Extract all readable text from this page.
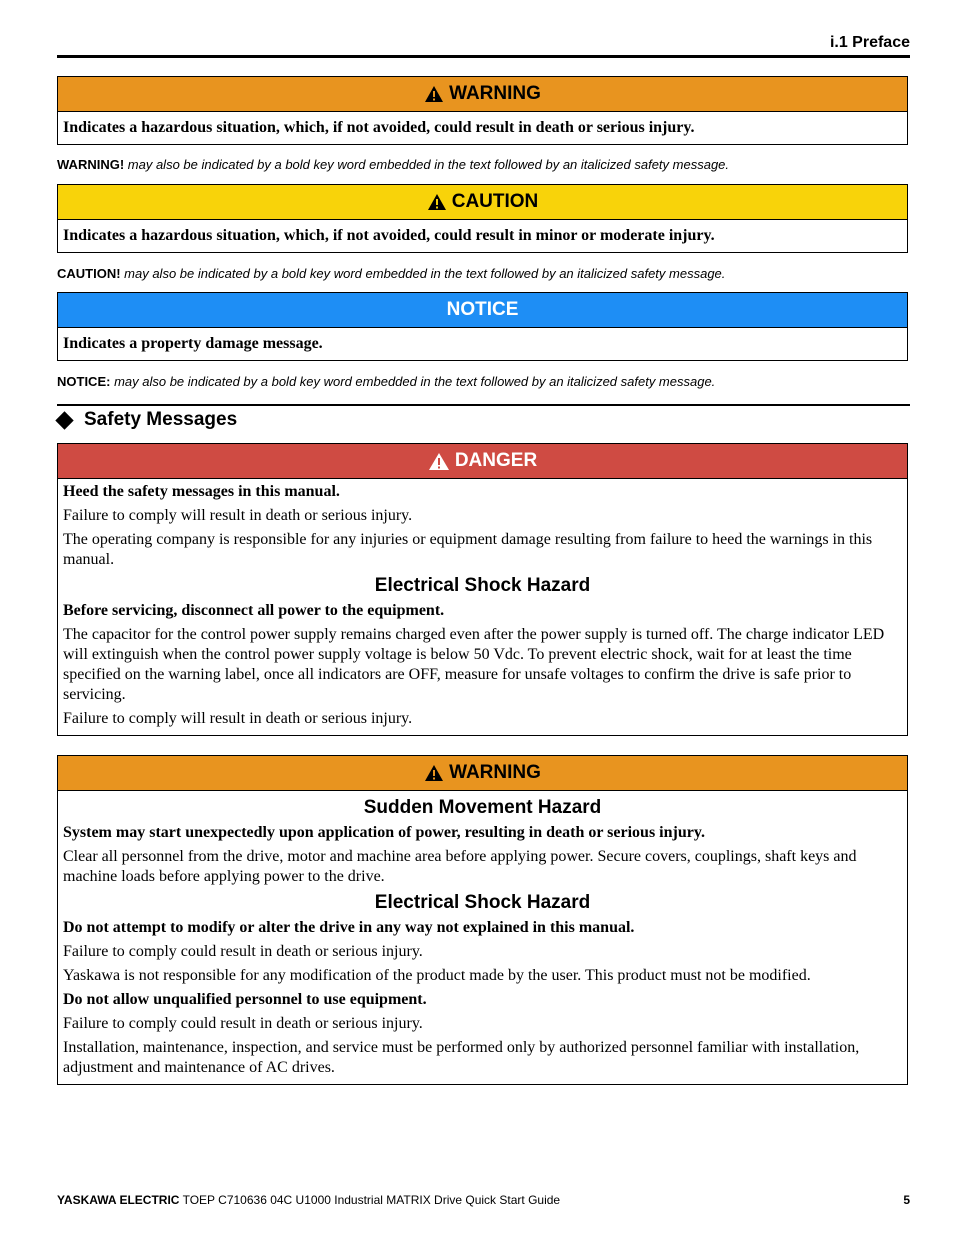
i.1 Preface
WARNING
Indicates a hazardous situation, which, if not avoided, could result in death or serious injury.
WARNING! may also be indicated by a bold key word embedded in the text followed by an italicized safety message.
CAUTION
Indicates a hazardous situation, which, if not avoided, could result in minor or moderate injury.
CAUTION! may also be indicated by a bold key word embedded in the text followed by an italicized safety message.
NOTICE
Indicates a property damage message.
NOTICE: may also be indicated by a bold key word embedded in the text followed by an italicized safety message.
Safety Messages
DANGER

Heed the safety messages in this manual.

Failure to comply will result in death or serious injury.

The operating company is responsible for any injuries or equipment damage resulting from failure to heed the warnings in this manual.

Electrical Shock Hazard

Before servicing, disconnect all power to the equipment.

The capacitor for the control power supply remains charged even after the power supply is turned off. The charge indicator LED will extinguish when the control power supply voltage is below 50 Vdc. To prevent electric shock, wait for at least the time specified on the warning label, once all indicators are OFF, measure for unsafe voltages to confirm the drive is safe prior to servicing.

Failure to comply will result in death or serious injury.

WARNING
Sudden Movement Hazard

System may start unexpectedly upon application of power, resulting in death or serious injury.

Clear all personnel from the drive, motor and machine area before applying power. Secure covers, couplings, shaft keys and machine loads before applying power to the drive.

Electrical Shock Hazard

Do not attempt to modify or alter the drive in any way not explained in this manual.

Failure to comply could result in death or serious injury.

Yaskawa is not responsible for any modification of the product made by the user. This product must not be modified.

Do not allow unqualified personnel to use equipment.

Failure to comply could result in death or serious injury.

Installation, maintenance, inspection, and service must be performed only by authorized personnel familiar with installation, adjustment and maintenance of AC drives.

YASKAWA ELECTRIC TOEP C710636 04C U1000 Industrial MATRIX Drive Quick Start Guide	5
